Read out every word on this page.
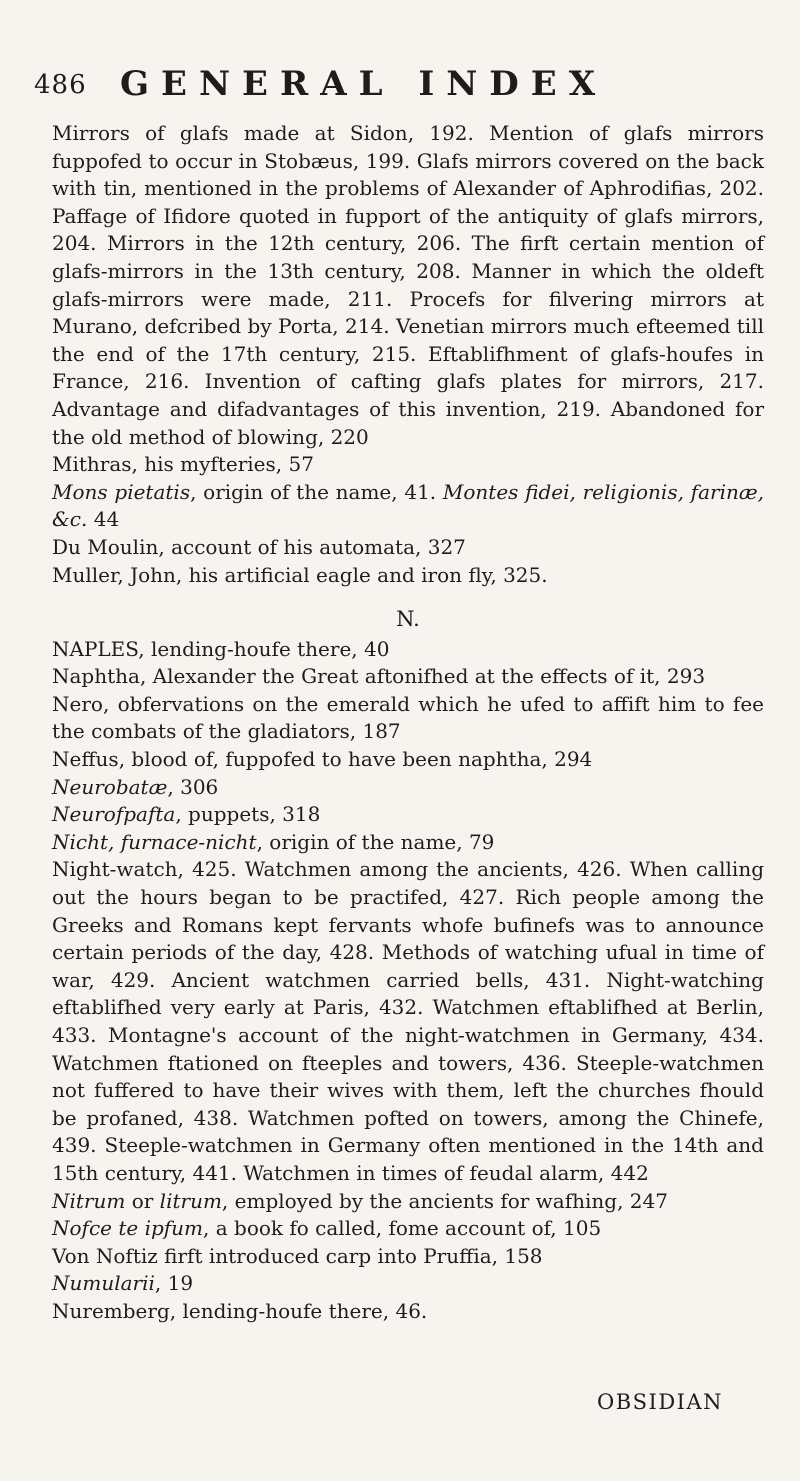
486 GENERAL INDEX

Mirrors of glafs made at Sidon, 192. Mention of glafs mirrors fuppofed to occur in Stobæus, 199. Glafs mirrors covered on the back with tin, mentioned in the problems of Alexander of Aphrodifias, 202. Paffage of Ifidore quoted in fupport of the antiquity of glafs mirrors, 204. Mirrors in the 12th century, 206. The firft certain mention of glafs-mirrors in the 13th century, 208. Manner in which the oldeft glafs-mirrors were made, 211. Procefs for filvering mirrors at Murano, defcribed by Porta, 214. Venetian mirrors much efteemed till the end of the 17th century, 215. Eftablifhment of glafs-houfes in France, 216. Invention of cafting glafs plates for mirrors, 217. Advantage and difadvantages of this invention, 219. Abandoned for the old method of blowing, 220

Mithras, his myfteries, 57

Mons pietatis, origin of the name, 41. Montes fidei, religionis, farinæ, &c. 44

Du Moulin, account of his automata, 327

Muller, John, his artificial eagle and iron fly, 325.

N.

NAPLES, lending-houfe there, 40

Naphtha, Alexander the Great aftonifhed at the effects of it, 293

Nero, obfervations on the emerald which he ufed to affift him to fee the combats of the gladiators, 187

Neffus, blood of, fuppofed to have been naphtha, 294

Neurobatæ, 306

Neurofpafta, puppets, 318

Nicht, furnace-nicht, origin of the name, 79

Night-watch, 425. Watchmen among the ancients, 426. When calling out the hours began to be practifed, 427. Rich people among the Greeks and Romans kept fervants whofe bufinefs was to announce certain periods of the day, 428. Methods of watching ufual in time of war, 429. Ancient watchmen carried bells, 431. Night-watching eftablifhed very early at Paris, 432. Watchmen eftablifhed at Berlin, 433. Montagne's account of the night-watchmen in Germany, 434. Watchmen ftationed on fteeples and towers, 436. Steeple-watchmen not fuffered to have their wives with them, left the churches fhould be profaned, 438. Watchmen pofted on towers, among the Chinefe, 439. Steeple-watchmen in Germany often mentioned in the 14th and 15th century, 441. Watchmen in times of feudal alarm, 442

Nitrum or litrum, employed by the ancients for wafhing, 247

Nofce te ipfum, a book fo called, fome account of, 105

Von Noftiz firft introduced carp into Pruffia, 158

Numularii, 19

Nuremberg, lending-houfe there, 46.

OBSIDIAN
